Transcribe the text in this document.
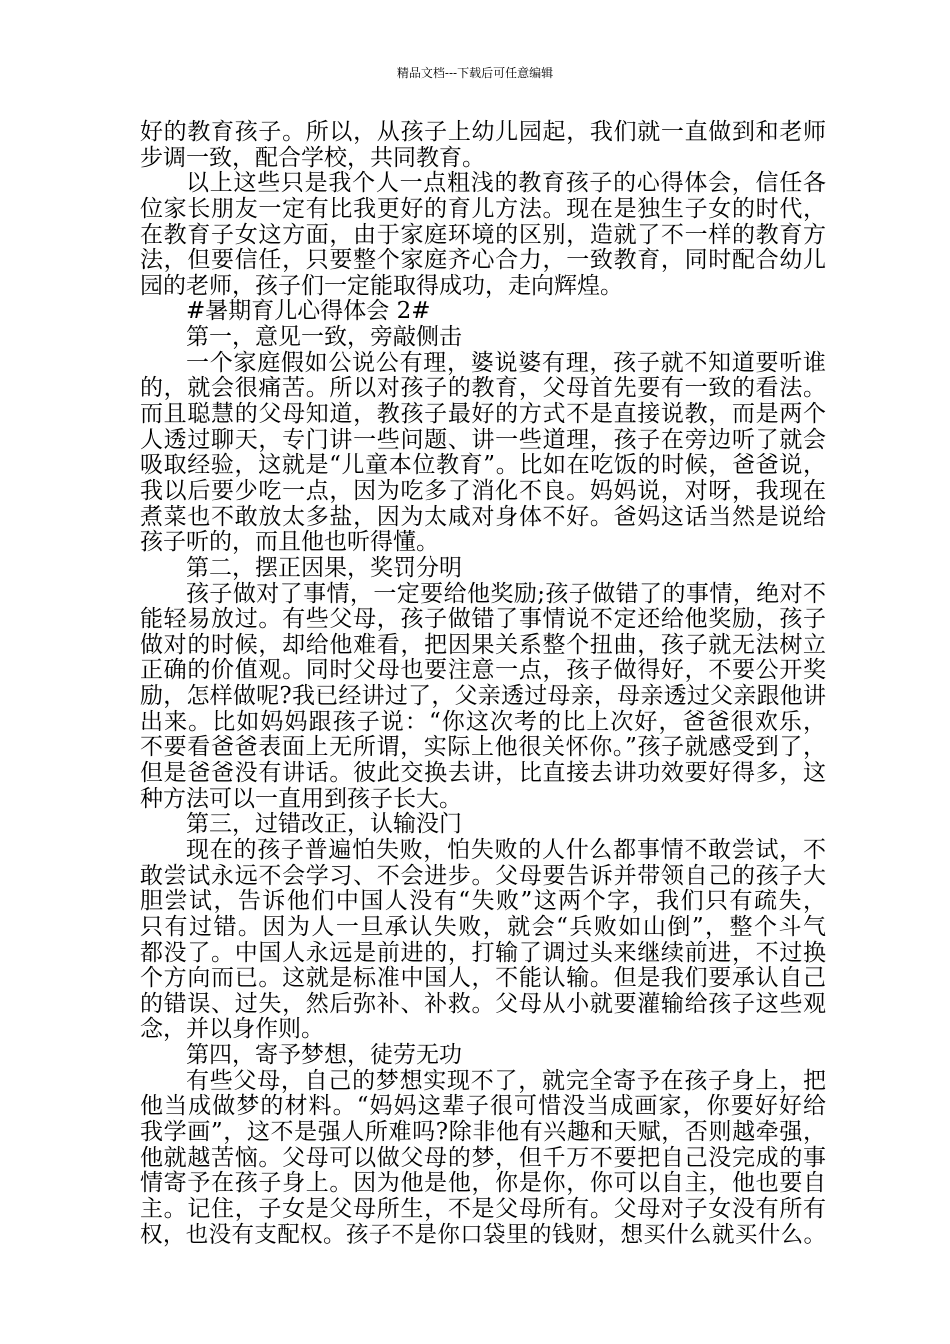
精品文档---下载后可任意编辑
好的教育孩子。所以，从孩子上幼儿园起，我们就一直做到和老师
步调一致，配合学校，共同教育。
以上这些只是我个人一点粗浅的教育孩子的心得体会，信任各
位家长朋友一定有比我更好的育儿方法。现在是独生子女的时代，
在教育子女这方面，由于家庭环境的区别，造就了不一样的教育方
法，但要信任，只要整个家庭齐心合力，一致教育，同时配合幼儿
园的老师，孩子们一定能取得成功，走向辉煌。
#暑期育儿心得体会 2#
第一，意见一致，旁敲侧击
一个家庭假如公说公有理，婆说婆有理，孩子就不知道要听谁
的，就会很痛苦。所以对孩子的教育，父母首先要有一致的看法。
而且聪慧的父母知道，教孩子最好的方式不是直接说教，而是两个
人透过聊天，专门讲一些问题、讲一些道理，孩子在旁边听了就会
吸取经验，这就是“儿童本位教育”。比如在吃饭的时候，爸爸说，
我以后要少吃一点，因为吃多了消化不良。妈妈说，对呀，我现在
煮菜也不敢放太多盐，因为太咸对身体不好。爸妈这话当然是说给
孩子听的，而且他也听得懂。
第二，摆正因果，奖罚分明
孩子做对了事情，一定要给他奖励;孩子做错了的事情，绝对不
能轻易放过。有些父母，孩子做错了事情说不定还给他奖励，孩子
做对的时候，却给他难看，把因果关系整个扭曲，孩子就无法树立
正确的价值观。同时父母也要注意一点，孩子做得好，不要公开奖
励，怎样做呢?我已经讲过了，父亲透过母亲，母亲透过父亲跟他讲
出来。比如妈妈跟孩子说：“你这次考的比上次好，爸爸很欢乐，
不要看爸爸表面上无所谓，实际上他很关怀你。”孩子就感受到了，
但是爸爸没有讲话。彼此交换去讲，比直接去讲功效要好得多，这
种方法可以一直用到孩子长大。
第三，过错改正，认输没门
现在的孩子普遍怕失败，怕失败的人什么都事情不敢尝试，不
敢尝试永远不会学习、不会进步。父母要告诉并带领自己的孩子大
胆尝试，告诉他们中国人没有“失败”这两个字，我们只有疏失，
只有过错。因为人一旦承认失败，就会“兵败如山倒”，整个斗气
都没了。中国人永远是前进的，打输了调过头来继续前进，不过换
个方向而已。这就是标准中国人，不能认输。但是我们要承认自己
的错误、过失，然后弥补、补救。父母从小就要灌输给孩子这些观
念，并以身作则。
第四，寄予梦想，徒劳无功
有些父母，自己的梦想实现不了，就完全寄予在孩子身上，把
他当成做梦的材料。“妈妈这辈子很可惜没当成画家，你要好好给
我学画”，这不是强人所难吗?除非他有兴趣和天赋，否则越牵强，
他就越苦恼。父母可以做父母的梦，但千万不要把自己没完成的事
情寄予在孩子身上。因为他是他，你是你，你可以自主，他也要自
主。记住，子女是父母所生，不是父母所有。父母对子女没有所有
权，也没有支配权。孩子不是你口袋里的钱财，想买什么就买什么。
